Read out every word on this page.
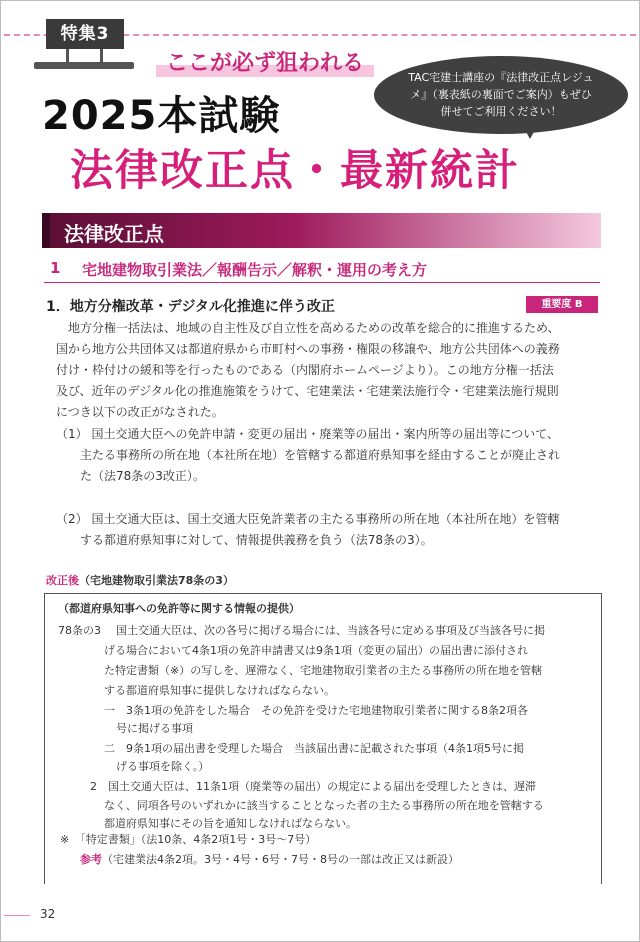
特集3
ここが必ず狙われる
TAC宅建士講座の『法律改正点レジュメ』（裏表紙の裏面でご案内）もぜひ併せてご利用ください！
2025本試験
法律改正点・最新統計
法律改正点
1 宅地建物取引業法／報酬告示／解釈・運用の考え方
1．地方分権改革・デジタル化推進に伴う改正	重要度 B
地方分権一括法は、地域の自主性及び自立性を高めるための改革を総合的に推進するため、
国から地方公共団体又は都道府県から市町村への事務・権限の移譲や、地方公共団体への義務
付け・枠付けの緩和等を行ったものである（内閣府ホームページより）。この地方分権一括法
及び、近年のデジタル化の推進施策をうけて、宅建業法・宅建業法施行令・宅建業法施行規則
につき以下の改正がなされた。
（1） 国土交通大臣への免許申請・変更の届出・廃業等の届出・案内所等の届出等について、
主たる事務所の所在地（本社所在地）を管轄する都道府県知事を経由することが廃止され
た（法78条の3改正）。
（2） 国土交通大臣は、国土交通大臣免許業者の主たる事務所の所在地（本社所在地）を管轄
する都道府県知事に対して、情報提供義務を負う（法78条の3）。
改正後（宅地建物取引業法78条の3）
（都道府県知事への免許等に関する情報の提供）
78条の3 国土交通大臣は、次の各号に掲げる場合には、当該各号に定める事項及び当該各号に掲
げる場合において4条1項の免許申請書又は9条1項（変更の届出）の届出書に添付され
た特定書類（※）の写しを、遅滞なく、宅地建物取引業者の主たる事務所の所在地を管轄
する都道府県知事に提供しなければならない。
一　3条1項の免許をした場合　その免許を受けた宅地建物取引業者に関する8条2項各
号に掲げる事項
二　9条1項の届出書を受理した場合　当該届出書に記載された事項（4条1項5号に掲
げる事項を除く。）
2　国土交通大臣は、11条1項（廃業等の届出）の規定による届出を受理したときは、遅滞
なく、同項各号のいずれかに該当することとなった者の主たる事務所の所在地を管轄する
都道府県知事にその旨を通知しなければならない。
※　「特定書類」（法10条、4条2項1号・3号〜7号）
参考（宅建業法4条2項。3号・4号・6号・7号・8号の一部は改正又は新設）
32
